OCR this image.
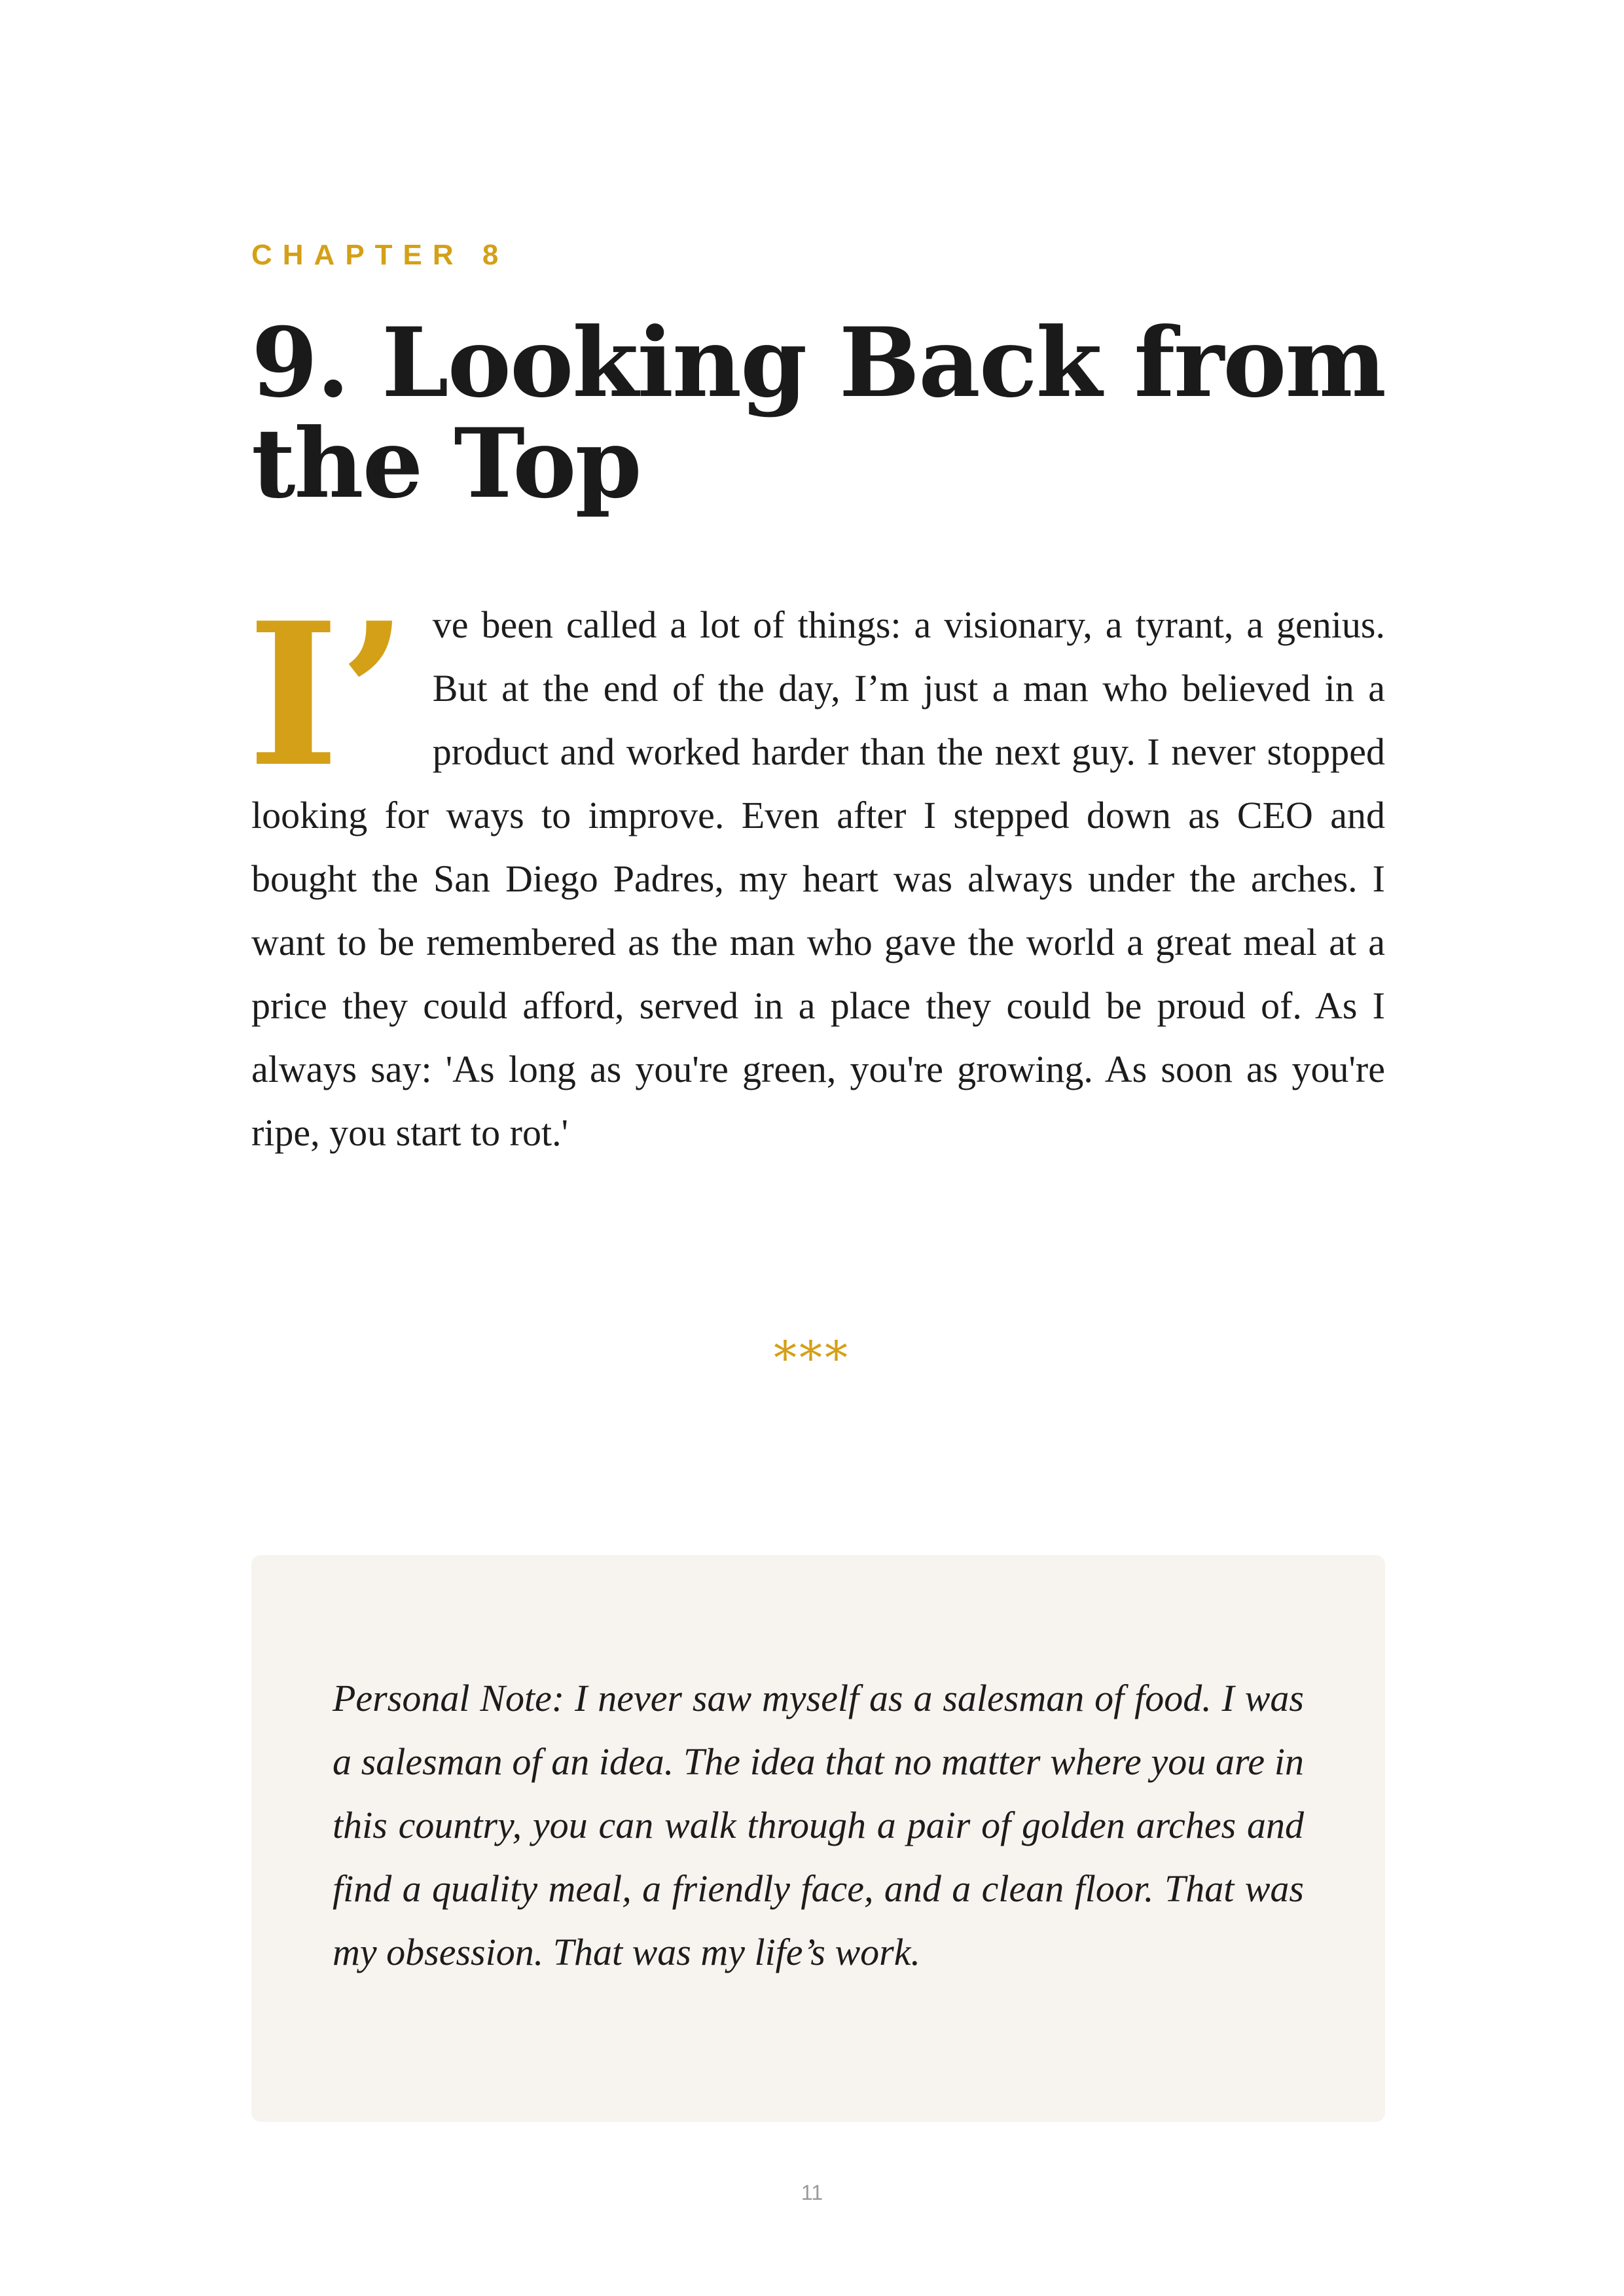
CHAPTER 8
9. Looking Back from the Top
I’ ve been called a lot of things: a visionary, a tyrant, a genius. But at the end of the day, I’m just a man who believed in a product and worked harder than the next guy. I never stopped looking for ways to improve. Even after I stepped down as CEO and bought the San Diego Padres, my heart was always under the arches. I want to be remembered as the man who gave the world a great meal at a price they could afford, served in a place they could be proud of. As I always say: 'As long as you're green, you're growing. As soon as you're ripe, you start to rot.'
***
Personal Note: I never saw myself as a salesman of food. I was a salesman of an idea. The idea that no matter where you are in this country, you can walk through a pair of golden arches and find a quality meal, a friendly face, and a clean floor. That was my obsession. That was my life’s work.
11
